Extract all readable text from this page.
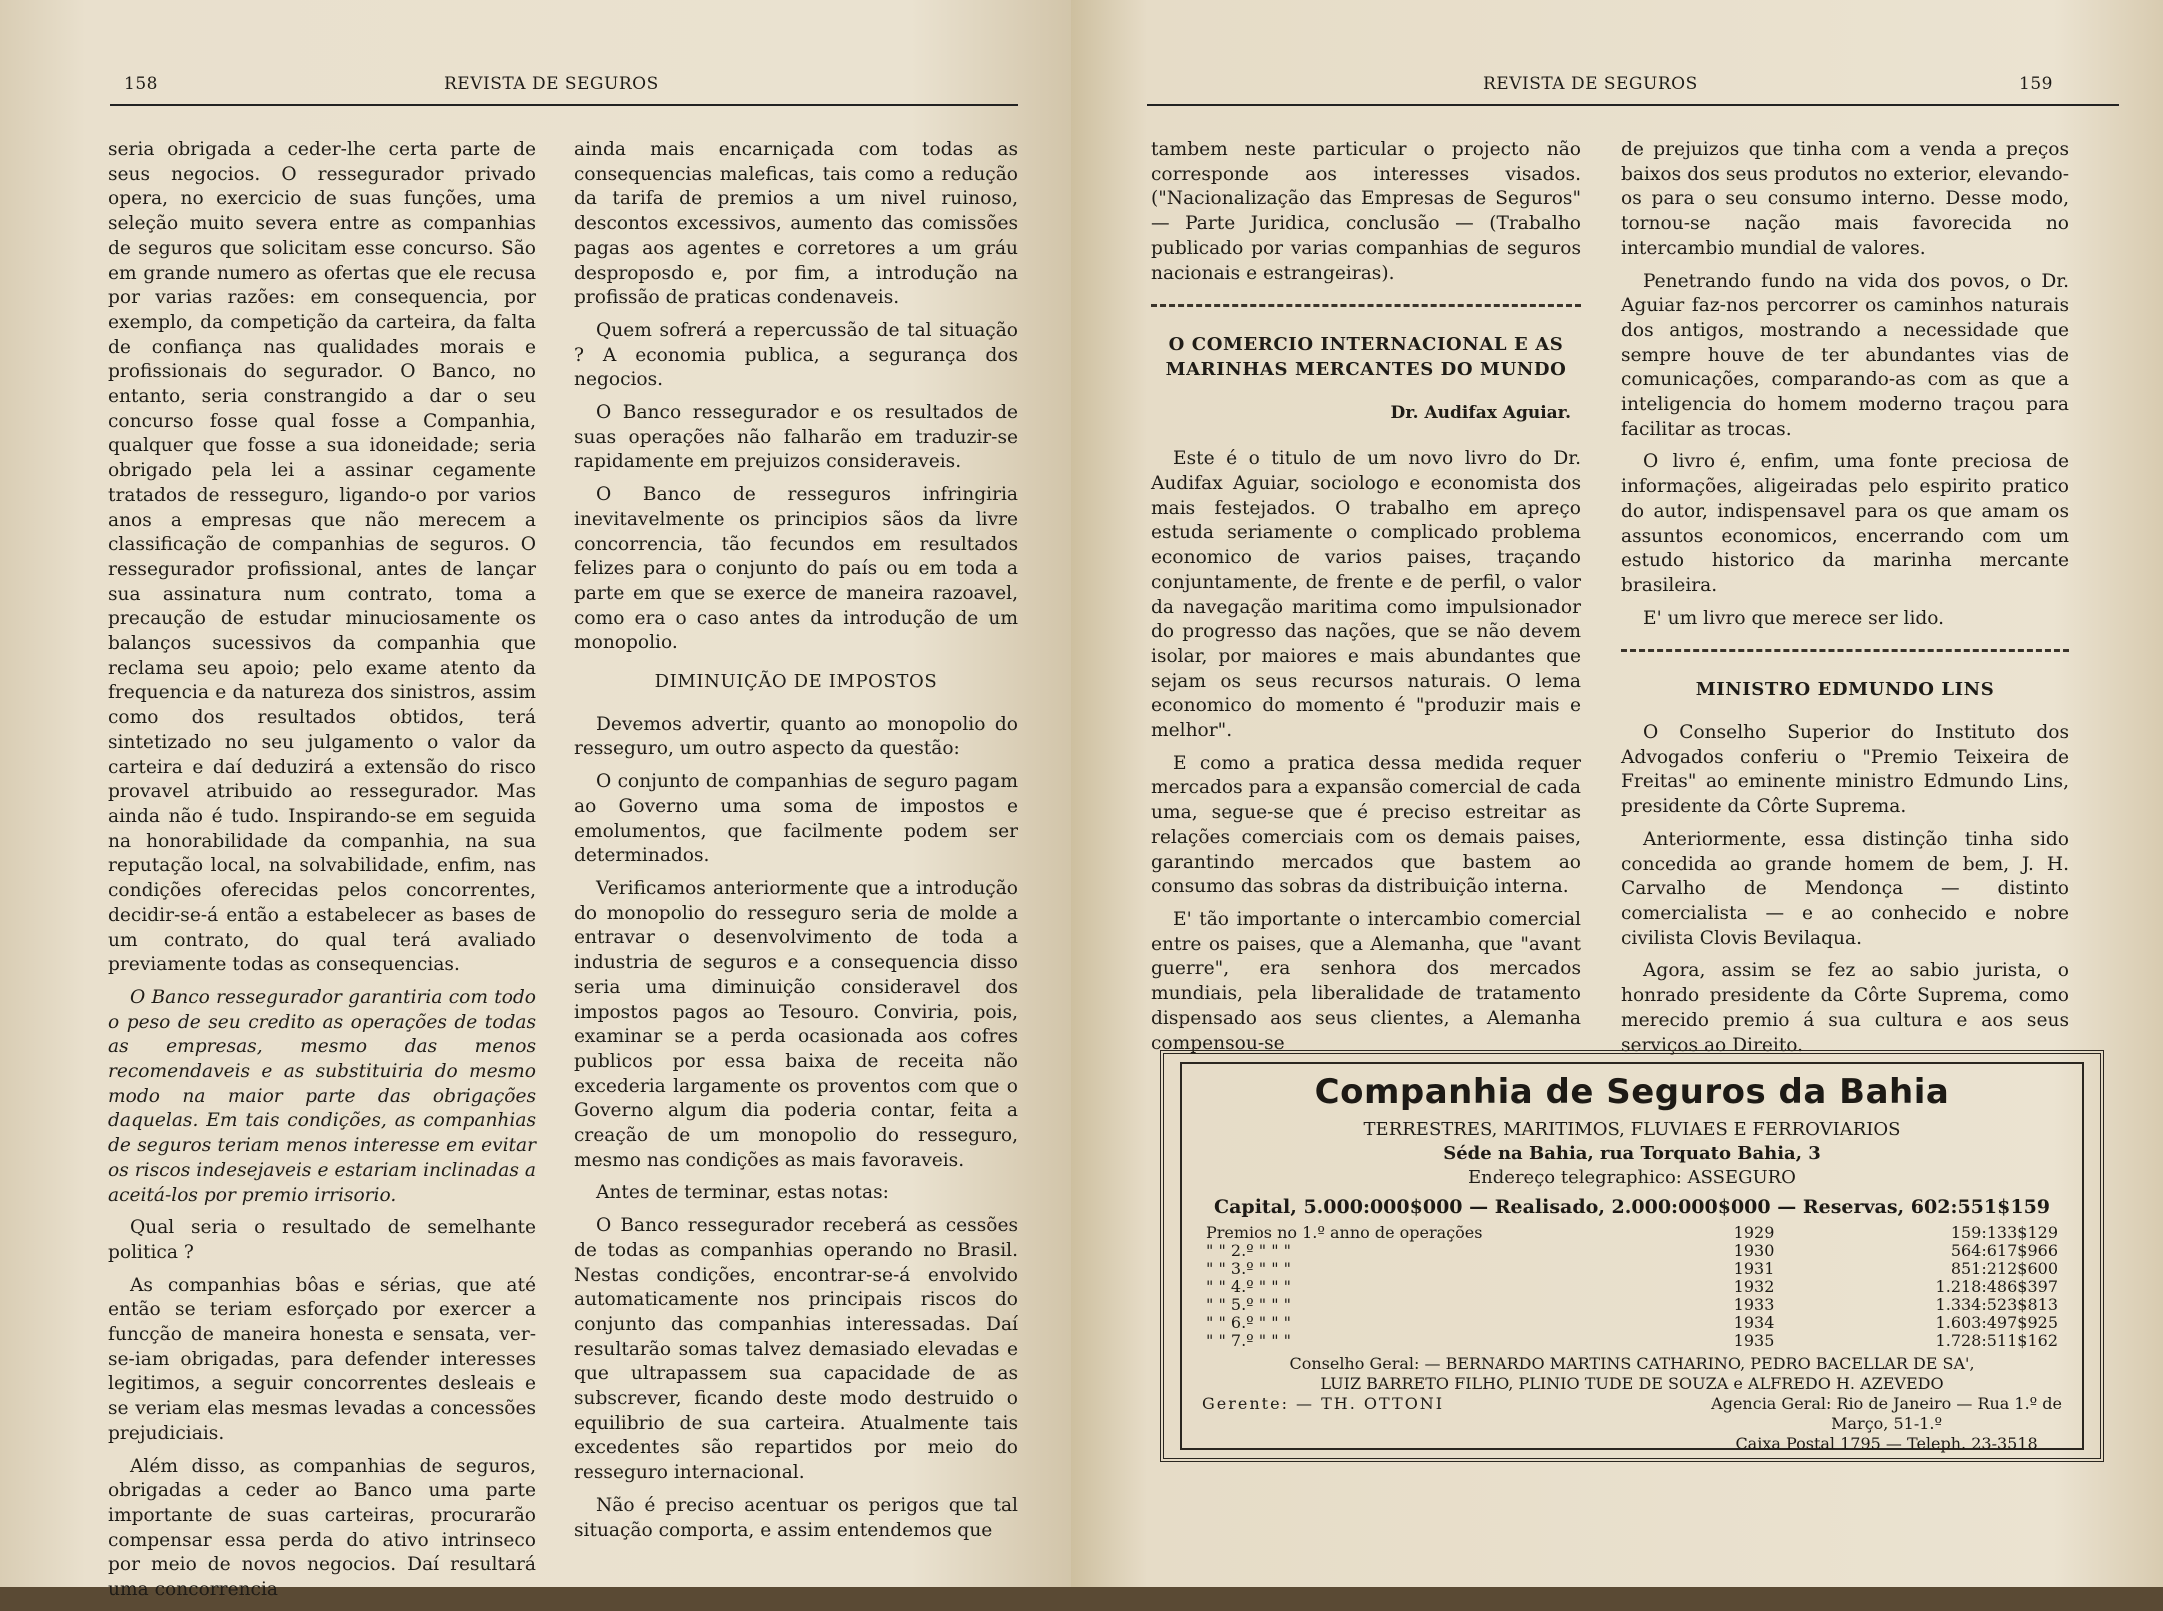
158	REVISTA DE SEGUROS

seria obrigada a ceder-lhe certa parte de seus negocios. O ressegurador privado opera, no exercicio de suas funções, uma seleção muito severa entre as companhias de seguros que solicitam esse concurso. São em grande numero as ofertas que ele recusa por varias razões: em consequencia, por exemplo, da competição da carteira, da falta de confiança nas qualidades morais e profissionais do segurador. O Banco, no entanto, seria constrangido a dar o seu concurso fosse qual fosse a Companhia, qualquer que fosse a sua idoneidade; seria obrigado pela lei a assinar cegamente tratados de resseguro, ligando-o por varios anos a empresas que não merecem a classificação de companhias de seguros. O ressegurador profissional, antes de lançar sua assinatura num contrato, toma a precaução de estudar minuciosamente os balanços sucessivos da companhia que reclama seu apoio; pelo exame atento da frequencia e da natureza dos sinistros, assim como dos resultados obtidos, terá sintetizado no seu julgamento o valor da carteira e daí deduzirá a extensão do risco provavel atribuido ao ressegurador. Mas ainda não é tudo. Inspirando-se em seguida na honorabilidade da companhia, na sua reputação local, na solvabilidade, enfim, nas condições oferecidas pelos concorrentes, decidir-se-á então a estabelecer as bases de um contrato, do qual terá avaliado previamente todas as consequencias.

O Banco ressegurador garantiria com todo o peso de seu credito as operações de todas as empresas, mesmo das menos recomendaveis e as substituiria do mesmo modo na maior parte das obrigações daquelas. Em tais condições, as companhias de seguros teriam menos interesse em evitar os riscos indesejaveis e estariam inclinadas a aceitá-los por premio irrisorio.

Qual seria o resultado de semelhante politica ?

As companhias bôas e sérias, que até então se teriam esforçado por exercer a funcção de maneira honesta e sensata, ver-se-iam obrigadas, para defender interesses legitimos, a seguir concorrentes desleais e se veriam elas mesmas levadas a concessões prejudiciais.

Além disso, as companhias de seguros, obrigadas a ceder ao Banco uma parte importante de suas carteiras, procurarão compensar essa perda do ativo intrinseco por meio de novos negocios. Daí resultará uma concorrencia

ainda mais encarniçada com todas as consequencias maleficas, tais como a redução da tarifa de premios a um nivel ruinoso, descontos excessivos, aumento das comissões pagas aos agentes e corretores a um gráu desproposdo e, por fim, a introdução na profissão de praticas condenaveis.

Quem sofrerá a repercussão de tal situação ? A economia publica, a segurança dos negocios.

O Banco ressegurador e os resultados de suas operações não falharão em traduzir-se rapidamente em prejuizos consideraveis.

O Banco de resseguros infringiria inevitavelmente os principios sãos da livre concorrencia, tão fecundos em resultados felizes para o conjunto do país ou em toda a parte em que se exerce de maneira razoavel, como era o caso antes da introdução de um monopolio.

DIMINUIÇÃO DE IMPOSTOS

Devemos advertir, quanto ao monopolio do resseguro, um outro aspecto da questão:

O conjunto de companhias de seguro pagam ao Governo uma soma de impostos e emolumentos, que facilmente podem ser determinados.

Verificamos anteriormente que a introdução do monopolio do resseguro seria de molde a entravar o desenvolvimento de toda a industria de seguros e a consequencia disso seria uma diminuição consideravel dos impostos pagos ao Tesouro. Conviria, pois, examinar se a perda ocasionada aos cofres publicos por essa baixa de receita não excederia largamente os proventos com que o Governo algum dia poderia contar, feita a creação de um monopolio do resseguro, mesmo nas condições as mais favoraveis.

Antes de terminar, estas notas:

O Banco ressegurador receberá as cessões de todas as companhias operando no Brasil. Nestas condições, encontrar-se-á envolvido automaticamente nos principais riscos do conjunto das companhias interessadas. Daí resultarão somas talvez demasiado elevadas e que ultrapassem sua capacidade de as subscrever, ficando deste modo destruido o equilibrio de sua carteira. Atualmente tais excedentes são repartidos por meio do resseguro internacional.

Não é preciso acentuar os perigos que tal situação comporta, e assim entendemos que

REVISTA DE SEGUROS	159

tambem neste particular o projecto não corresponde aos interesses visados. ("Nacionalização das Empresas de Seguros" — Parte Juridica, conclusão — (Trabalho publicado por varias companhias de seguros nacionais e estrangeiras).

O COMERCIO INTERNACIONAL E AS MARINHAS MERCANTES DO MUNDO
Dr. Audifax Aguiar.

Este é o titulo de um novo livro do Dr. Audifax Aguiar, sociologo e economista dos mais festejados. O trabalho em apreço estuda seriamente o complicado problema economico de varios paises, traçando conjuntamente, de frente e de perfil, o valor da navegação maritima como impulsionador do progresso das nações, que se não devem isolar, por maiores e mais abundantes que sejam os seus recursos naturais. O lema economico do momento é "produzir mais e melhor".

E como a pratica dessa medida requer mercados para a expansão comercial de cada uma, segue-se que é preciso estreitar as relações comerciais com os demais paises, garantindo mercados que bastem ao consumo das sobras da distribuição interna.

E' tão importante o intercambio comercial entre os paises, que a Alemanha, que "avant guerre", era senhora dos mercados mundiais, pela liberalidade de tratamento dispensado aos seus clientes, a Alemanha compensou-se

de prejuizos que tinha com a venda a preços baixos dos seus produtos no exterior, elevando-os para o seu consumo interno. Desse modo, tornou-se nação mais favorecida no intercambio mundial de valores.

Penetrando fundo na vida dos povos, o Dr. Aguiar faz-nos percorrer os caminhos naturais dos antigos, mostrando a necessidade que sempre houve de ter abundantes vias de comunicações, comparando-as com as que a inteligencia do homem moderno traçou para facilitar as trocas.

O livro é, enfim, uma fonte preciosa de informações, aligeiradas pelo espirito pratico do autor, indispensavel para os que amam os assuntos economicos, encerrando com um estudo historico da marinha mercante brasileira.

E' um livro que merece ser lido.

MINISTRO EDMUNDO LINS

O Conselho Superior do Instituto dos Advogados conferiu o "Premio Teixeira de Freitas" ao eminente ministro Edmundo Lins, presidente da Côrte Suprema.

Anteriormente, essa distinção tinha sido concedida ao grande homem de bem, J. H. Carvalho de Mendonça — distinto comercialista — e ao conhecido e nobre civilista Clovis Bevilaqua.

Agora, assim se fez ao sabio jurista, o honrado presidente da Côrte Suprema, como merecido premio á sua cultura e aos seus serviços ao Direito.

Companhia de Seguros da Bahia
TERRESTRES, MARITIMOS, FLUVIAES E FERROVIARIOS
Séde na Bahia, rua Torquato Bahia, 3
Endereço telegraphico: ASSEGURO
Capital, 5.000:000$000 — Realisado, 2.000:000$000 — Reservas, 602:551$159
Premios no 1.º anno de operações	1929	159:133$129
" " 2.º " " "	1930	564:617$966
" " 3.º " " "	1931	851:212$600
" " 4.º " " "	1932	1.218:486$397
" " 5.º " " "	1933	1.334:523$813
" " 6.º " " "	1934	1.603:497$925
" " 7.º " " "	1935	1.728:511$162
Conselho Geral: — BERNARDO MARTINS CATHARINO, PEDRO BACELLAR DE SA',
LUIZ BARRETO FILHO, PLINIO TUDE DE SOUZA e ALFREDO H. AZEVEDO
Gerente: — TH. OTTONI	Agencia Geral: Rio de Janeiro — Rua 1.º de
Março, 51-1.º
Caixa Postal 1795 — Teleph. 23-3518
